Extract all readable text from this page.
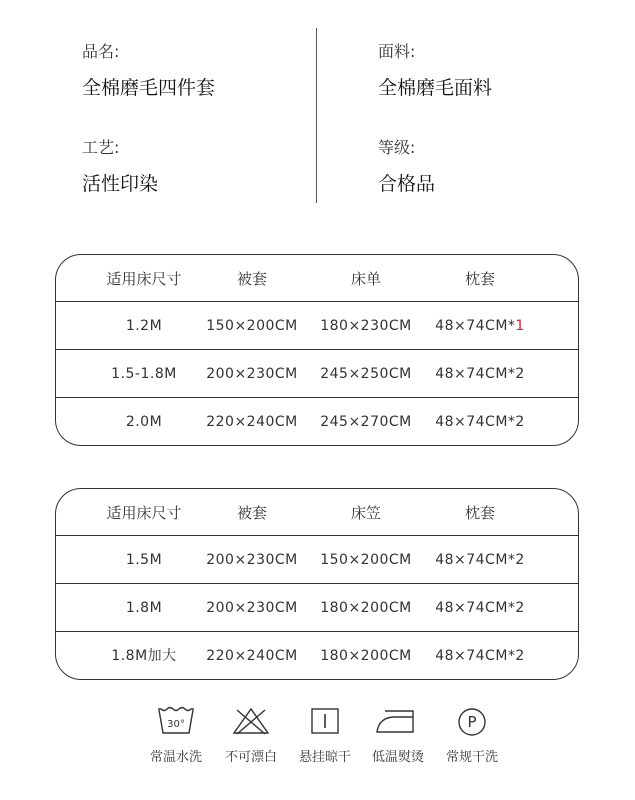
品名:
全棉磨毛四件套
面料:
全棉磨毛面料
工艺:
活性印染
等级:
合格品
适用床尺寸	被套	床单	枕套
1.2M	150×200CM 180×230CM 48×74CM*1
1.5-1.8M 200×230CM 245×250CM 48×74CM*2
2.0M	220×240CM 245×270CM 48×74CM*2
适用床尺寸	被套	床笠	枕套
1.5M	200×230CM 150×200CM 48×74CM*2
1.8M	200×230CM 180×200CM 48×74CM*2
1.8M加大 220×240CM 180×200CM 48×74CM*2
30°
常温水洗 不可漂白 悬挂晾干 低温熨烫
P
常规干洗
